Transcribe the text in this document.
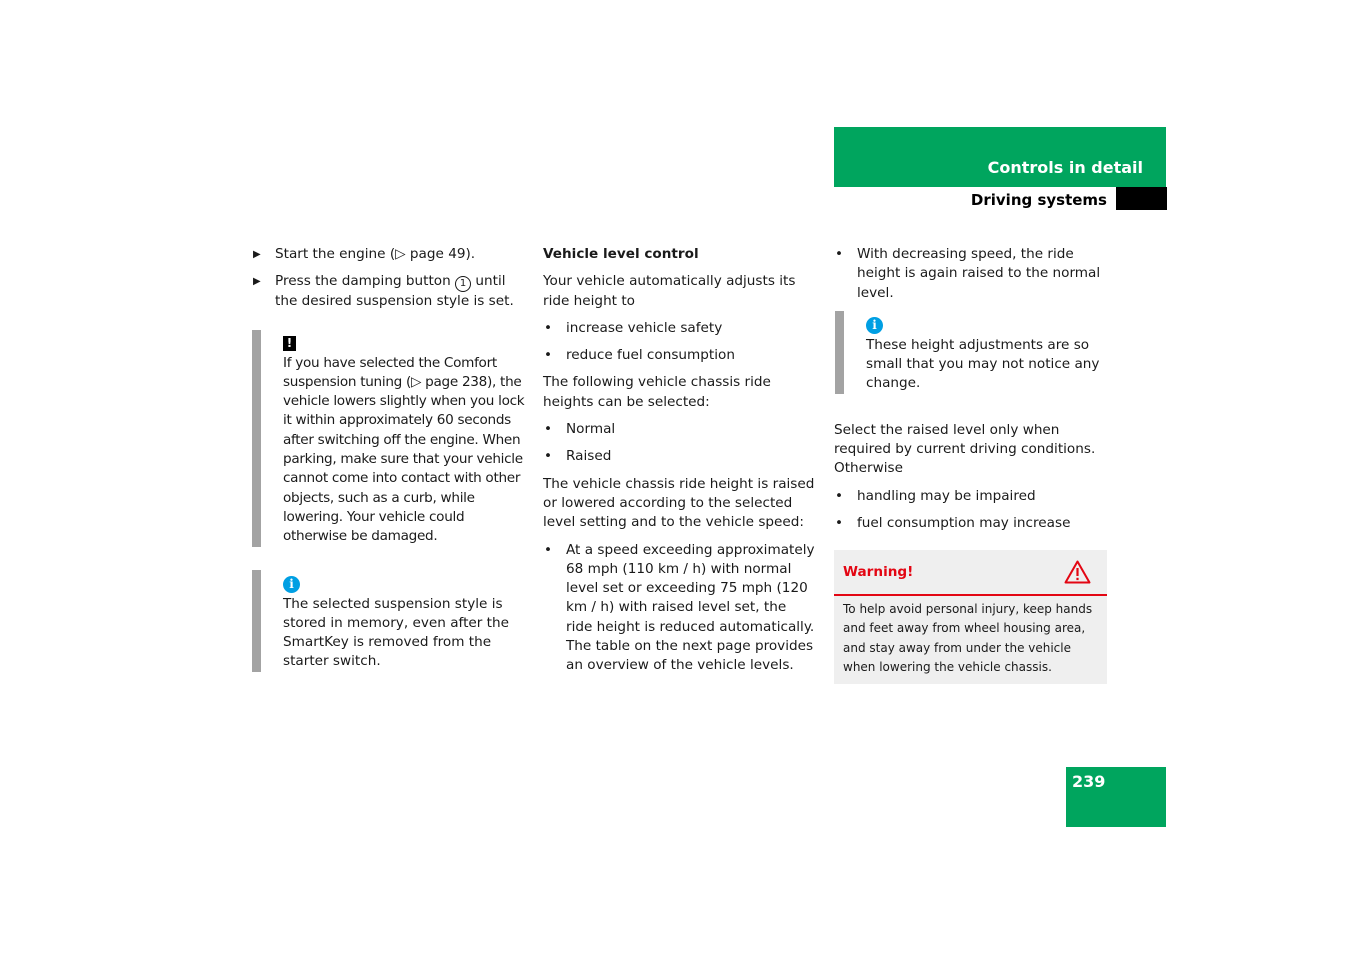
Controls in detail
Driving systems
▶ Start the engine (▷ page 49).
▶ Press the damping button 1 until the desired suspension style is set.
!

If you have selected the Comfort suspension tuning (▷ page 238), the vehicle lowers slightly when you lock it within approximately 60 seconds after switching off the engine. When parking, make sure that your vehicle cannot come into contact with other objects, such as a curb, while lowering. Your vehicle could otherwise be damaged.

i

The selected suspension style is stored in memory, even after the SmartKey is removed from the starter switch.

Vehicle level control

Your vehicle automatically adjusts its ride height to

• increase vehicle safety
• reduce fuel consumption

The following vehicle chassis ride heights can be selected:

• Normal
• Raised

The vehicle chassis ride height is raised or lowered according to the selected level setting and to the vehicle speed:

• At a speed exceeding approximately 68 mph (110 km / h) with normal level set or exceeding 75 mph (120 km / h) with raised level set, the ride height is reduced automatically. The table on the next page provides an overview of the vehicle levels.
• With decreasing speed, the ride height is again raised to the normal level.
i

These height adjustments are so small that you may not notice any change.

Select the raised level only when required by current driving conditions. Otherwise

• handling may be impaired
• fuel consumption may increase
Warning!

To help avoid personal injury, keep hands and feet away from wheel housing area, and stay away from under the vehicle when lowering the vehicle chassis.

239
